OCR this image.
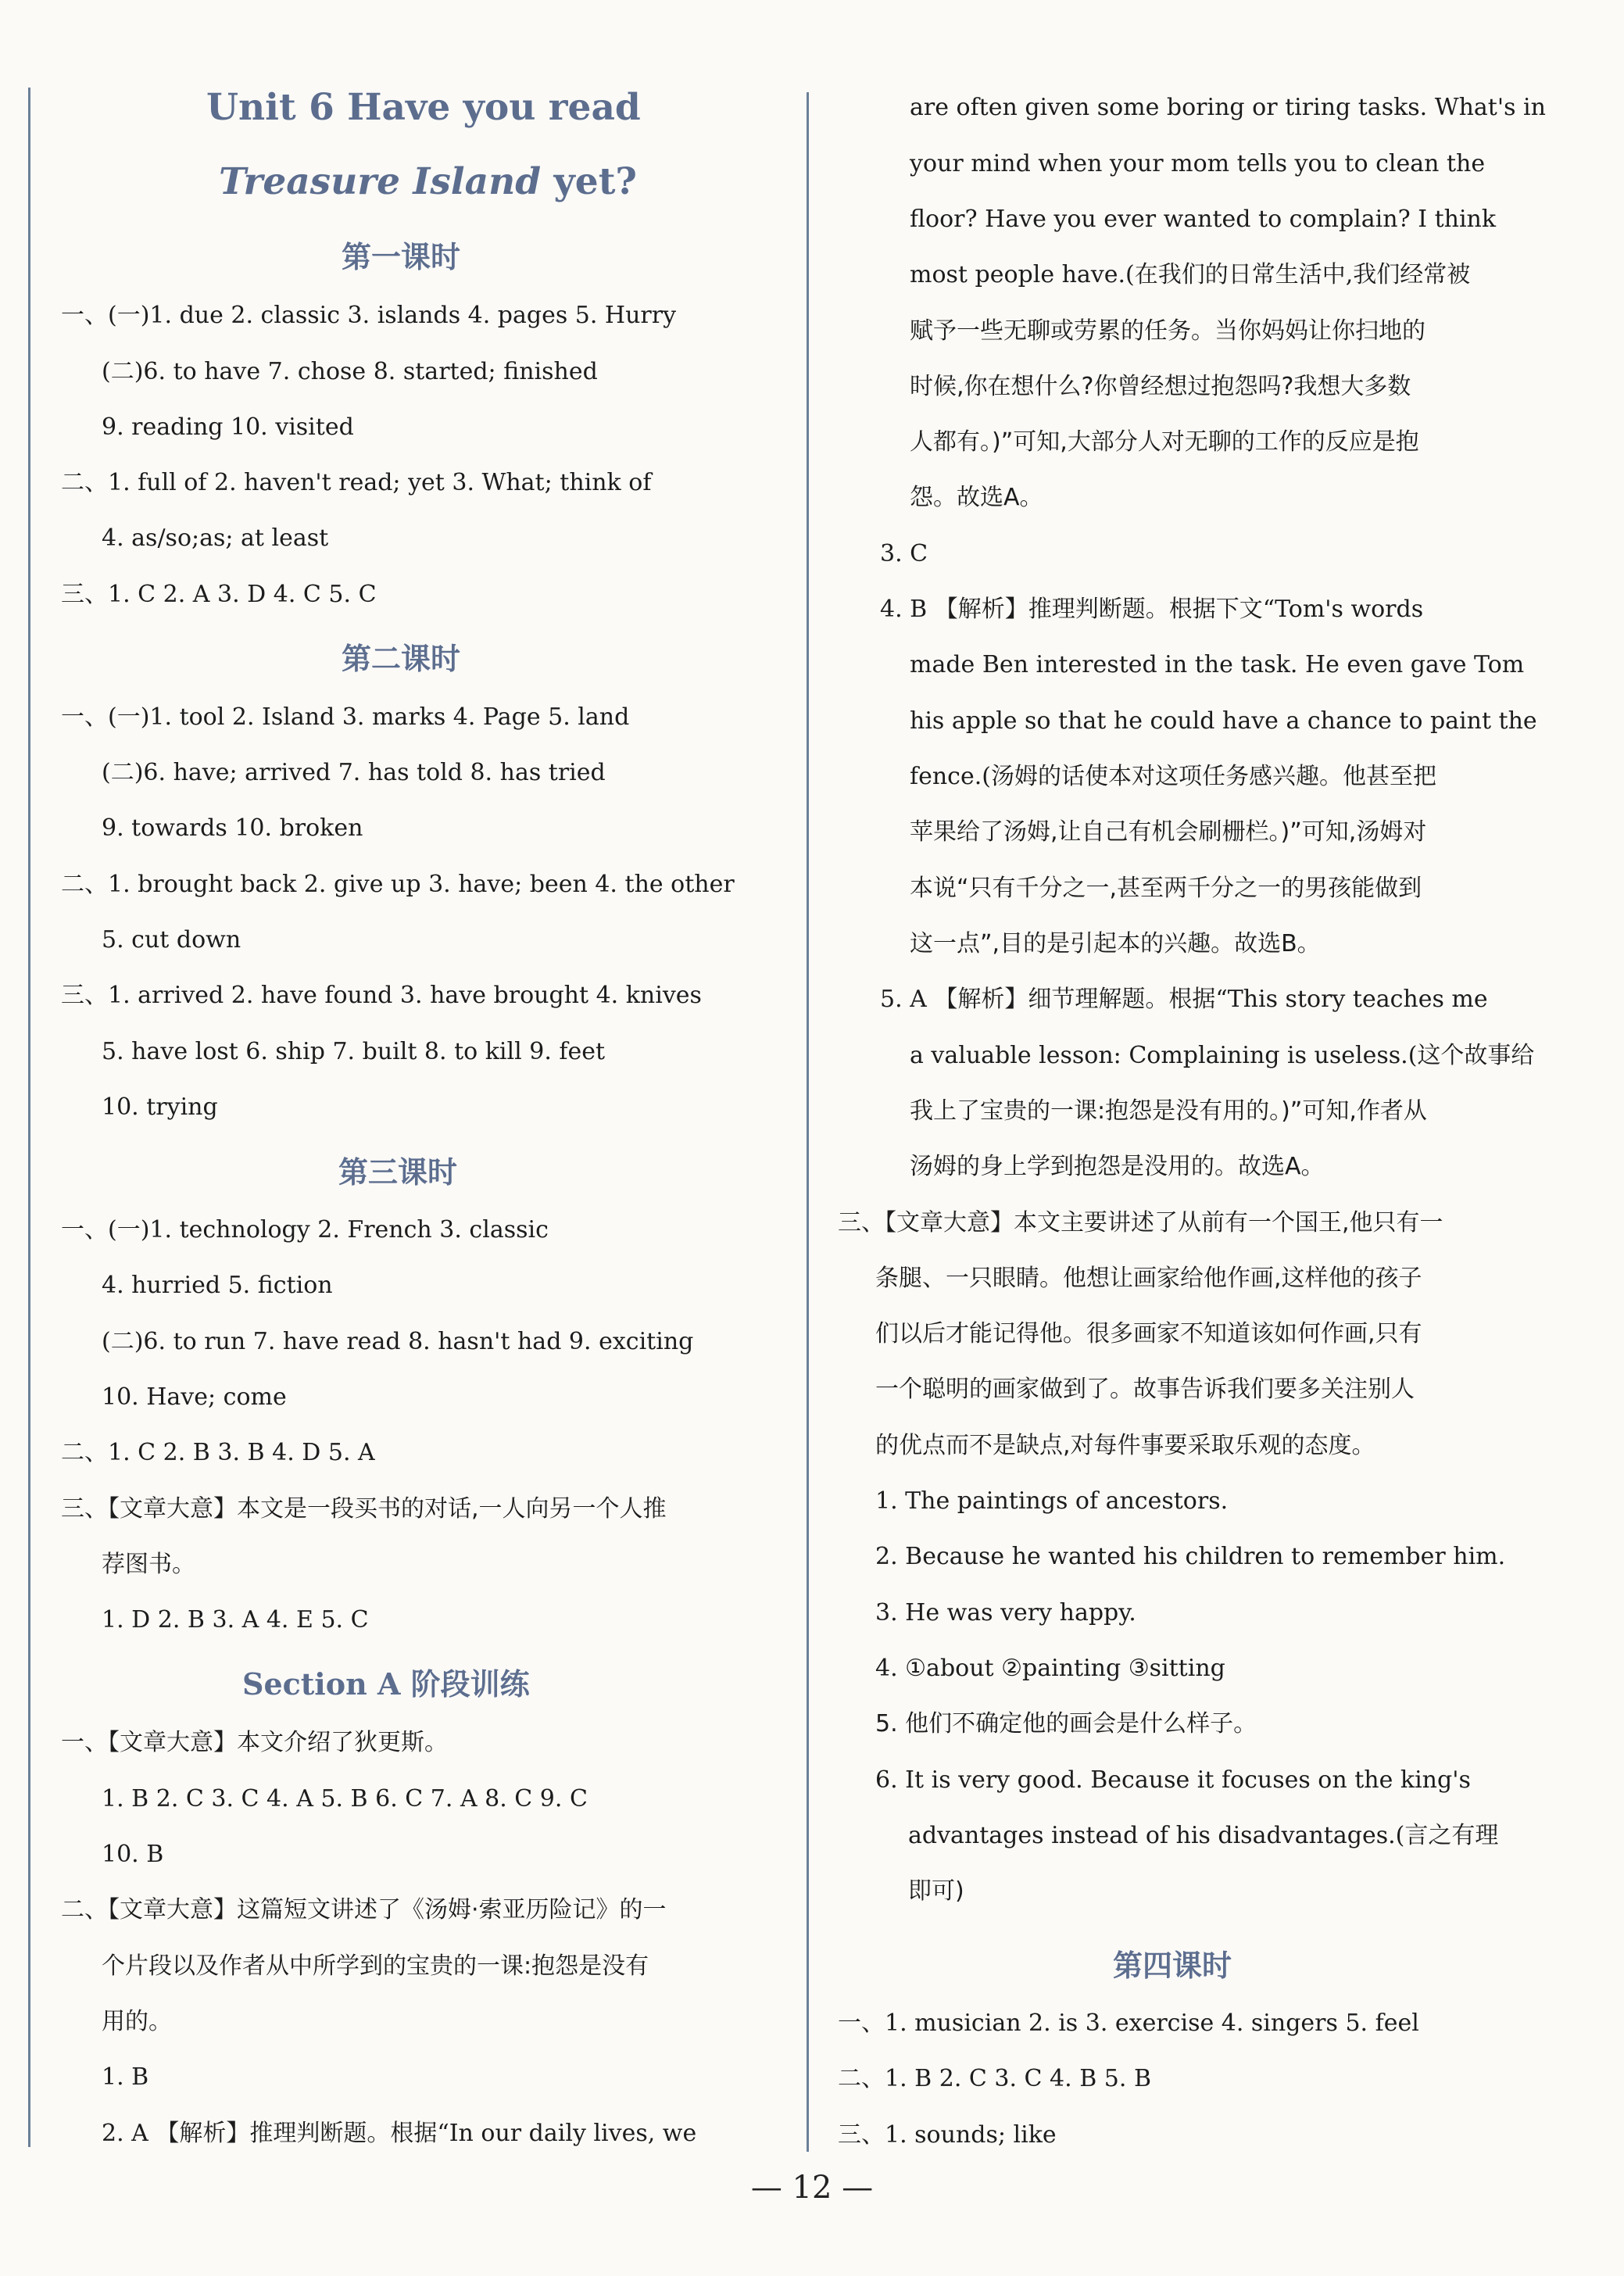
Unit 6 Have you read
Treasure Island yet?
第一课时
一、(一)1. due 2. classic 3. islands 4. pages 5. Hurry
(二)6. to have 7. chose 8. started; finished
9. reading 10. visited
二、1. full of 2. haven't read; yet 3. What; think of
4. as/so;as; at least
三、1. C 2. A 3. D 4. C 5. C
第二课时
一、(一)1. tool 2. Island 3. marks 4. Page 5. land
(二)6. have; arrived 7. has told 8. has tried
9. towards 10. broken
二、1. brought back 2. give up 3. have; been 4. the other
5. cut down
三、1. arrived 2. have found 3. have brought 4. knives
5. have lost 6. ship 7. built 8. to kill 9. feet
10. trying
第三课时
一、(一)1. technology 2. French 3. classic
4. hurried 5. fiction
(二)6. to run 7. have read 8. hasn't had 9. exciting
10. Have; come
二、1. C 2. B 3. B 4. D 5. A
三、【文章大意】本文是一段买书的对话,一人向另一个人推
荐图书。
1. D 2. B 3. A 4. E 5. C
Section A 阶段训练
一、【文章大意】本文介绍了狄更斯。
1. B 2. C 3. C 4. A 5. B 6. C 7. A 8. C 9. C
10. B
二、【文章大意】这篇短文讲述了《汤姆·索亚历险记》的一
个片段以及作者从中所学到的宝贵的一课:抱怨是没有
用的。
1. B
2. A 【解析】推理判断题。根据“In our daily lives, we
are often given some boring or tiring tasks. What's in
your mind when your mom tells you to clean the
floor? Have you ever wanted to complain? I think
most people have.(在我们的日常生活中,我们经常被
赋予一些无聊或劳累的任务。当你妈妈让你扫地的
时候,你在想什么?你曾经想过抱怨吗?我想大多数
人都有。)”可知,大部分人对无聊的工作的反应是抱
怨。故选A。
3. C
4. B 【解析】推理判断题。根据下文“Tom's words
made Ben interested in the task. He even gave Tom
his apple so that he could have a chance to paint the
fence.(汤姆的话使本对这项任务感兴趣。他甚至把
苹果给了汤姆,让自己有机会刷栅栏。)”可知,汤姆对
本说“只有千分之一,甚至两千分之一的男孩能做到
这一点”,目的是引起本的兴趣。故选B。
5. A 【解析】细节理解题。根据“This story teaches me
a valuable lesson: Complaining is useless.(这个故事给
我上了宝贵的一课:抱怨是没有用的。)”可知,作者从
汤姆的身上学到抱怨是没用的。故选A。
三、【文章大意】本文主要讲述了从前有一个国王,他只有一
条腿、一只眼睛。他想让画家给他作画,这样他的孩子
们以后才能记得他。很多画家不知道该如何作画,只有
一个聪明的画家做到了。故事告诉我们要多关注别人
的优点而不是缺点,对每件事要采取乐观的态度。
1. The paintings of ancestors.
2. Because he wanted his children to remember him.
3. He was very happy.
4. ①about ②painting ③sitting
5. 他们不确定他的画会是什么样子。
6. It is very good. Because it focuses on the king's
advantages instead of his disadvantages.(言之有理
即可)
第四课时
一、1. musician 2. is 3. exercise 4. singers 5. feel
二、1. B 2. C 3. C 4. B 5. B
三、1. sounds; like
— 12 —
